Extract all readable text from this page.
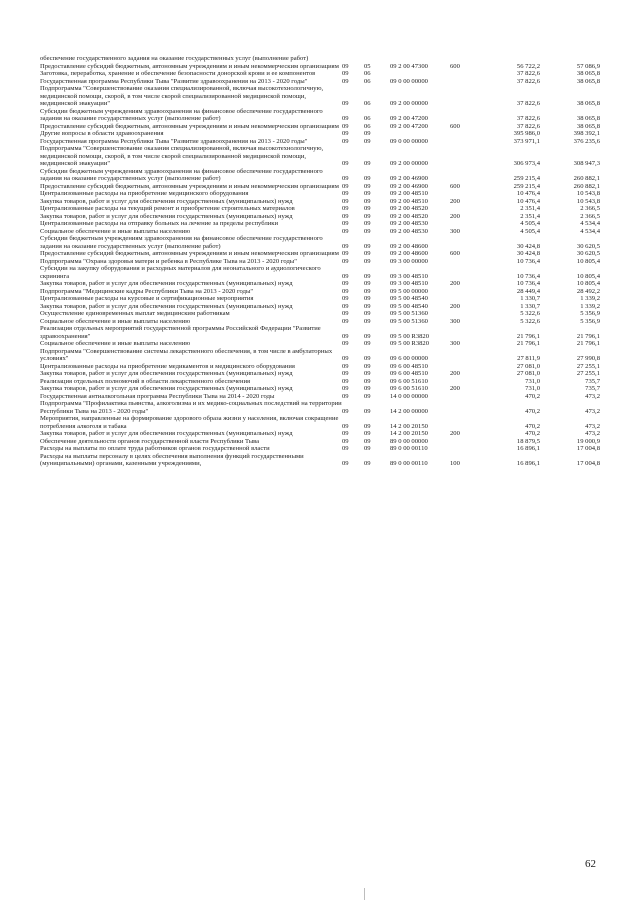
обеспечение государственного задания на оказание государственных услуг (выполнение работ)						
Предоставление субсидий бюджетным, автономным учреждениям и иным некоммерческим организациям	09	05	09 2 00 47300	600	56 722,2	57 086,9
Заготовка, переработка, хранение и обеспечение безопасности донорской крови и ее компонентов	09	06			37 822,6	38 065,8
Государственная программа Республики Тыва "Развитие здравоохранения на 2013 - 2020 годы"	09	06	09 0 00 00000		37 822,6	38 065,8
Подпрограмма "Совершенствование оказания специализированной, включая высокотехнологичную, медицинской помощи, скорой, в том числе скорой специализированной медицинской помощи, медицинской эвакуации"	09	06	09 2 00 00000		37 822,6	38 065,8
Субсидии бюджетным учреждениям здравоохранения на финансовое обеспечение государственного задания на оказание государственных услуг (выполнение работ)	09	06	09 2 00 47200		37 822,6	38 065,8
Предоставление субсидий бюджетным, автономным учреждениям и иным некоммерческим организациям	09	06	09 2 00 47200	600	37 822,6	38 065,8
Другие вопросы в области здравоохранения	09	09			395 986,0	398 392,1
Государственная программа Республики Тыва "Развитие здравоохранения на 2013 - 2020 годы"	09	09	09 0 00 00000		373 971,1	376 235,6
Подпрограмма "Совершенствование оказания специализированной, включая высокотехнологичную, медицинской помощи, скорой, в том числе скорой специализированной медицинской помощи, медицинской эвакуации"	09	09	09 2 00 00000		306 973,4	308 947,3
Субсидии бюджетным учреждениям здравоохранения на финансовое обеспечение государственного задания на оказание государственных услуг (выполнение работ)	09	09	09 2 00 46900		259 215,4	260 882,1
Предоставление субсидий бюджетным, автономным учреждениям и иным некоммерческим организациям	09	09	09 2 00 46900	600	259 215,4	260 882,1
Централизованные расходы на приобретение медицинского оборудования	09	09	09 2 00 48510		10 476,4	10 543,8
Закупка товаров, работ и услуг для обеспечения государственных (муниципальных) нужд	09	09	09 2 00 48510	200	10 476,4	10 543,8
Централизованные расходы на текущий ремонт и приобретение строительных материалов	09	09	09 2 00 48520		2 351,4	2 366,5
Закупка товаров, работ и услуг для обеспечения государственных (муниципальных) нужд	09	09	09 2 00 48520	200	2 351,4	2 366,5
Централизованные расходы на отправку больных на лечение за пределы республики	09	09	09 2 00 48530		4 505,4	4 534,4
Социальное обеспечение и иные выплаты населению	09	09	09 2 00 48530	300	4 505,4	4 534,4
Субсидии бюджетным учреждениям здравоохранения на финансовое обеспечение государственного задания на оказание государственных услуг (выполнение работ)	09	09	09 2 00 48600		30 424,8	30 620,5
Предоставление субсидий бюджетным, автономным учреждениям и иным некоммерческим организациям	09	09	09 2 00 48600	600	30 424,8	30 620,5
Подпрограмма "Охрана здоровья матери и ребенка в Республике Тыва на 2013 - 2020 годы"	09	09	09 3 00 00000		10 736,4	10 805,4
Субсидии на закупку оборудования и расходных материалов для неонатального и аудиологического скрининга	09	09	09 3 00 48510		10 736,4	10 805,4
Закупка товаров, работ и услуг для обеспечения государственных (муниципальных) нужд	09	09	09 3 00 48510	200	10 736,4	10 805,4
Подпрограмма "Медицинские кадры Республики Тыва на 2013 - 2020 годы"	09	09	09 5 00 00000		28 449,4	28 492,2
Централизованные расходы на курсовые и сертификационные мероприятия	09	09	09 5 00 48540		1 330,7	1 339,2
Закупка товаров, работ и услуг для обеспечения государственных (муниципальных) нужд	09	09	09 5 00 48540	200	1 330,7	1 339,2
Осуществление единовременных выплат медицинским работникам	09	09	09 5 00 51360		5 322,6	5 356,9
Социальное обеспечение и иные выплаты населению	09	09	09 5 00 51360	300	5 322,6	5 356,9
Реализация отдельных мероприятий государственной программы Российской Федерации "Развитие здравоохранения"	09	09	09 5 00 R3820		21 796,1	21 796,1
Социальное обеспечение и иные выплаты населению	09	09	09 5 00 R3820	300	21 796,1	21 796,1
Подпрограмма "Совершенствование системы лекарственного обеспечения, в том числе в амбулаторных условиях"	09	09	09 6 00 00000		27 811,9	27 990,8
Централизованные расходы на приобретение медикаментов и медицинского оборудования	09	09	09 6 00 48510		27 081,0	27 255,1
Закупка товаров, работ и услуг для обеспечения государственных (муниципальных) нужд	09	09	09 6 00 48510	200	27 081,0	27 255,1
Реализация отдельных полномочий в области лекарственного обеспечения	09	09	09 6 00 51610		731,0	735,7
Закупка товаров, работ и услуг для обеспечения государственных (муниципальных) нужд	09	09	09 6 00 51610	200	731,0	735,7
Государственная антиалкогольная программа Республики Тыва на 2014 - 2020 годы	09	09	14 0 00 00000		470,2	473,2
Подпрограмма "Профилактика пьянства, алкоголизма и их медико-социальных последствий на территории Республики Тыва на 2013 - 2020 годы"	09	09	14 2 00 00000		470,2	473,2
Мероприятия, направленные на формирование здорового образа жизни у населения, включая сокращение потребления алкоголя и табака	09	09	14 2 00 20150		470,2	473,2
Закупка товаров, работ и услуг для обеспечения государственных (муниципальных) нужд	09	09	14 2 00 20150	200	470,2	473,2
Обеспечение деятельности органов государственной власти Республики Тыва	09	09	89 0 00 00000		18 879,5	19 000,9
Расходы на выплаты по оплате труда работников органов государственной власти	09	09	89 0 00 00110		16 896,1	17 004,8
Расходы на выплаты персоналу в целях обеспечения выполнения функций государственными (муниципальными) органами, казенными учреждениями,	09	09	89 0 00 00110	100	16 896,1	17 004,8
62
